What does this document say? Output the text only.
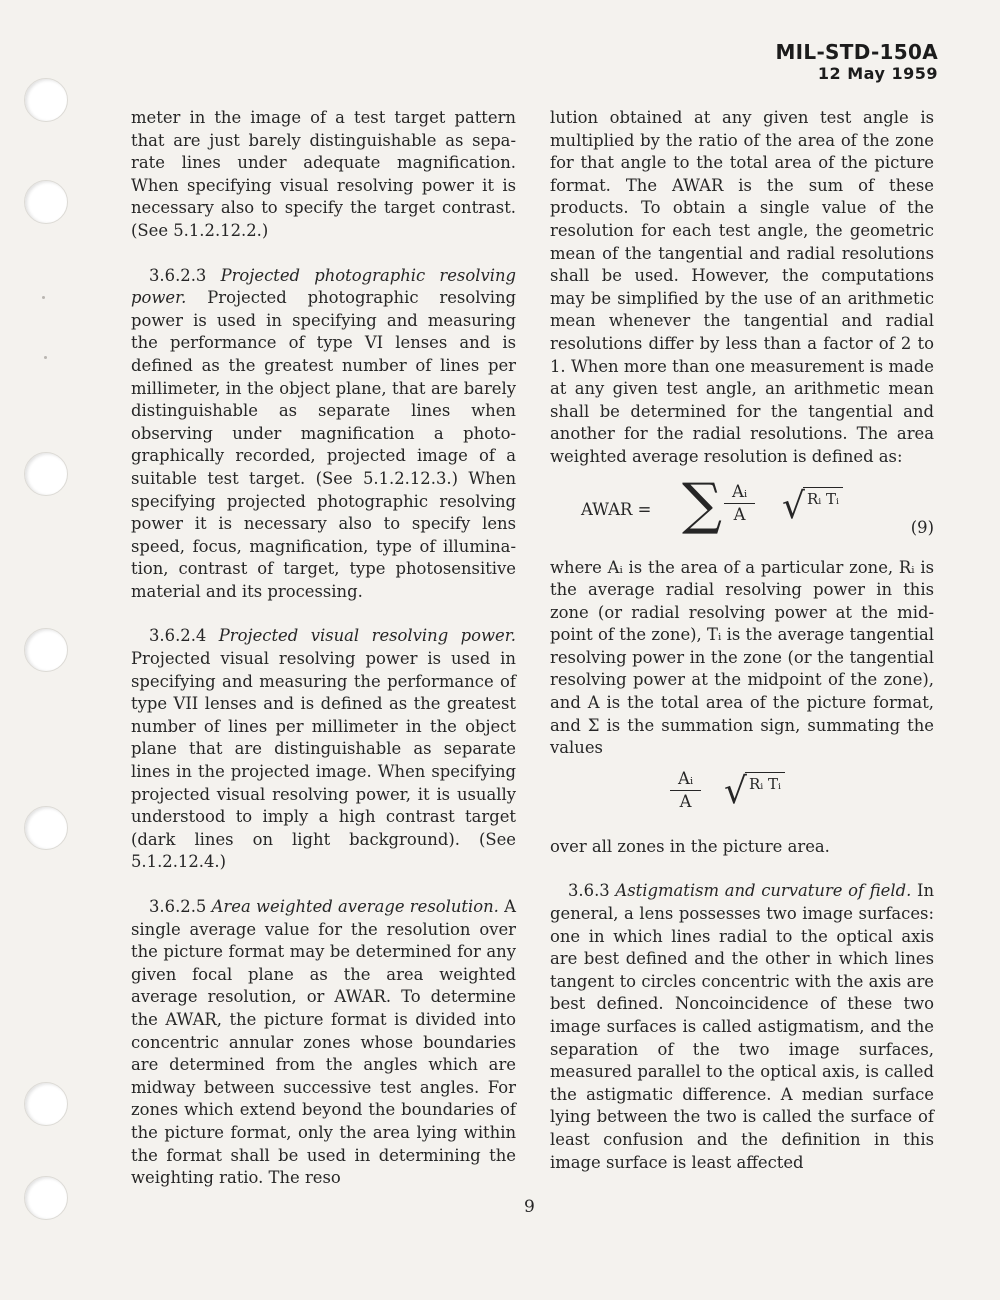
MIL-STD-150A
12 May 1959

meter in the image of a test target pattern that are just barely distinguishable as separate lines under adequate magnification. When specifying visual resolving power it is necessary also to specify the target contrast. (See 5.1.2.12.2.)

3.6.2.3 Projected photographic resolving power. Projected photographic resolving power is used in specifying and measuring the performance of type VI lenses and is defined as the greatest number of lines per millimeter, in the object plane, that are barely distinguishable as separate lines when observing under magnification a photographically recorded, projected image of a suitable test target. (See 5.1.2.12.3.) When specifying projected photographic resolving power it is necessary also to specify lens speed, focus, magnification, type of illumination, contrast of target, type photosensitive material and its processing.

3.6.2.4 Projected visual resolving power. Projected visual resolving power is used in specifying and measuring the performance of type VII lenses and is defined as the greatest number of lines per millimeter in the object plane that are distinguishable as separate lines in the projected image. When specifying projected visual resolving power, it is usually understood to imply a high contrast target (dark lines on light background). (See 5.1.2.12.4.)

3.6.2.5 Area weighted average resolution. A single average value for the resolution over the picture format may be determined for any given focal plane as the area weighted average resolution, or AWAR. To determine the AWAR, the picture format is divided into concentric annular zones whose boundaries are determined from the angles which are midway between successive test angles. For zones which extend beyond the boundaries of the picture format, only the area lying within the format shall be used in determining the weighting ratio. The reso

lution obtained at any given test angle is multiplied by the ratio of the area of the zone for that angle to the total area of the picture format. The AWAR is the sum of these products. To obtain a single value of the resolution for each test angle, the geometric mean of the tangential and radial resolutions shall be used. However, the computations may be simplified by the use of an arithmetic mean whenever the tangential and radial resolutions differ by less than a factor of 2 to 1. When more than one measurement is made at any given test angle, an arithmetic mean shall be determined for the tangential and another for the radial resolutions. The area weighted average resolution is defined as:

AWAR = ∑ Aᵢ
A √ Rᵢ Tᵢ
(9)

where Aᵢ is the area of a particular zone, Rᵢ is the average radial resolving power in this zone (or radial resolving power at the midpoint of the zone), Tᵢ is the average tangential resolving power in the zone (or the tangential resolving power at the midpoint of the zone), and A is the total area of the picture format, and Σ is the summation sign, summating the values

Aᵢ
A √ Rᵢ Tᵢ

over all zones in the picture area.

3.6.3 Astigmatism and curvature of field. In general, a lens possesses two image surfaces: one in which lines radial to the optical axis are best defined and the other in which lines tangent to circles concentric with the axis are best defined. Noncoincidence of these two image surfaces is called astigmatism, and the separation of the two image surfaces, measured parallel to the optical axis, is called the astigmatic difference. A median surface lying between the two is called the surface of least confusion and the definition in this image surface is least affected

9
